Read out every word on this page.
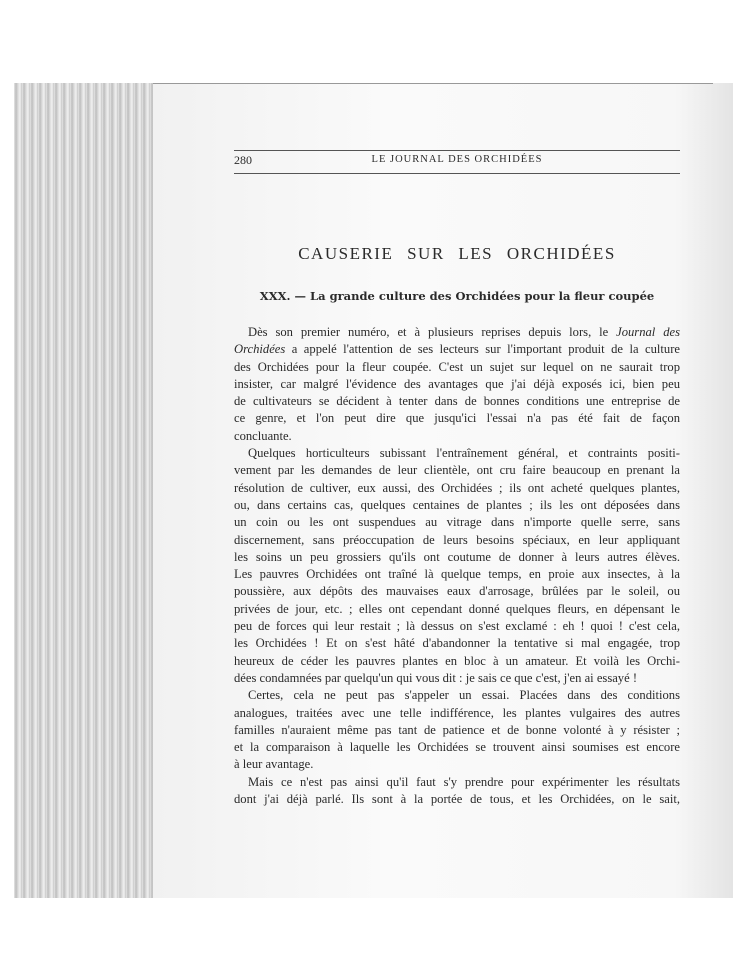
280	LE JOURNAL DES ORCHIDÉES
CAUSERIE SUR LES ORCHIDÉES
XXX. — La grande culture des Orchidées pour la fleur coupée
Dès son premier numéro, et à plusieurs reprises depuis lors, le Journal des
Orchidées a appelé l'attention de ses lecteurs sur l'important produit de la culture
des Orchidées pour la fleur coupée. C'est un sujet sur lequel on ne saurait trop
insister, car malgré l'évidence des avantages que j'ai déjà exposés ici, bien peu
de cultivateurs se décident à tenter dans de bonnes conditions une entreprise de
ce genre, et l'on peut dire que jusqu'ici l'essai n'a pas été fait de façon
concluante.
Quelques horticulteurs subissant l'entraînement général, et contraints positi-
vement par les demandes de leur clientèle, ont cru faire beaucoup en prenant la
résolution de cultiver, eux aussi, des Orchidées ; ils ont acheté quelques plantes,
ou, dans certains cas, quelques centaines de plantes ; ils les ont déposées dans
un coin ou les ont suspendues au vitrage dans n'importe quelle serre, sans
discernement, sans préoccupation de leurs besoins spéciaux, en leur appliquant
les soins un peu grossiers qu'ils ont coutume de donner à leurs autres élèves.
Les pauvres Orchidées ont traîné là quelque temps, en proie aux insectes, à la
poussière, aux dépôts des mauvaises eaux d'arrosage, brûlées par le soleil, ou
privées de jour, etc. ; elles ont cependant donné quelques fleurs, en dépensant le
peu de forces qui leur restait ; là dessus on s'est exclamé : eh ! quoi ! c'est cela,
les Orchidées ! Et on s'est hâté d'abandonner la tentative si mal engagée, trop
heureux de céder les pauvres plantes en bloc à un amateur. Et voilà les Orchi-
dées condamnées par quelqu'un qui vous dit : je sais ce que c'est, j'en ai essayé !
Certes, cela ne peut pas s'appeler un essai. Placées dans des conditions
analogues, traitées avec une telle indifférence, les plantes vulgaires des autres
familles n'auraient même pas tant de patience et de bonne volonté à y résister ;
et la comparaison à laquelle les Orchidées se trouvent ainsi soumises est encore
à leur avantage.
Mais ce n'est pas ainsi qu'il faut s'y prendre pour expérimenter les résultats
dont j'ai déjà parlé. Ils sont à la portée de tous, et les Orchidées, on le sait,
